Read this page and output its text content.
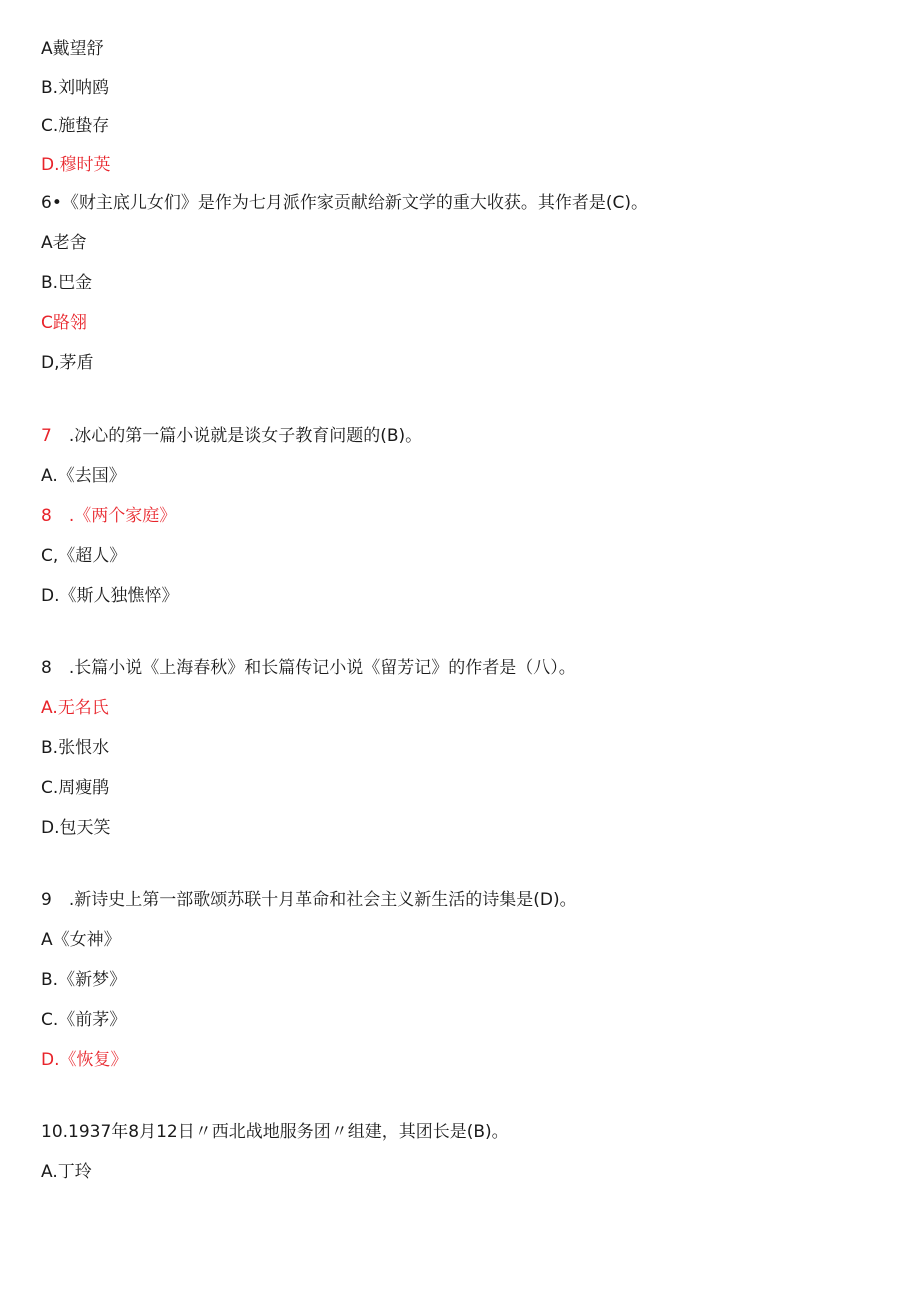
A戴望舒
B.刘呐鸥
C.施蛰存
D.穆时英
6•《财主底儿女们》是作为七月派作家贡献给新文学的重大收获。其作者是(C)。
A老舍
B.巴金
C路翎
D,茅盾
7 .冰心的第一篇小说就是谈女子教育问题的(B)。
A.《去国》
8 .《两个家庭》
C,《超人》
D.《斯人独憔悴》
8 .长篇小说《上海春秋》和长篇传记小说《留芳记》的作者是（八）。
A.无名氏
B.张恨水
C.周瘦鹃
D.包天笑
9 .新诗史上第一部歌颂苏联十月革命和社会主义新生活的诗集是(D)。
A《女神》
B.《新梦》
C.《前茅》
D.《恢复》
10.1937年8月12日〃西北战地服务团〃组建，其团长是(B)。
A.丁玲
